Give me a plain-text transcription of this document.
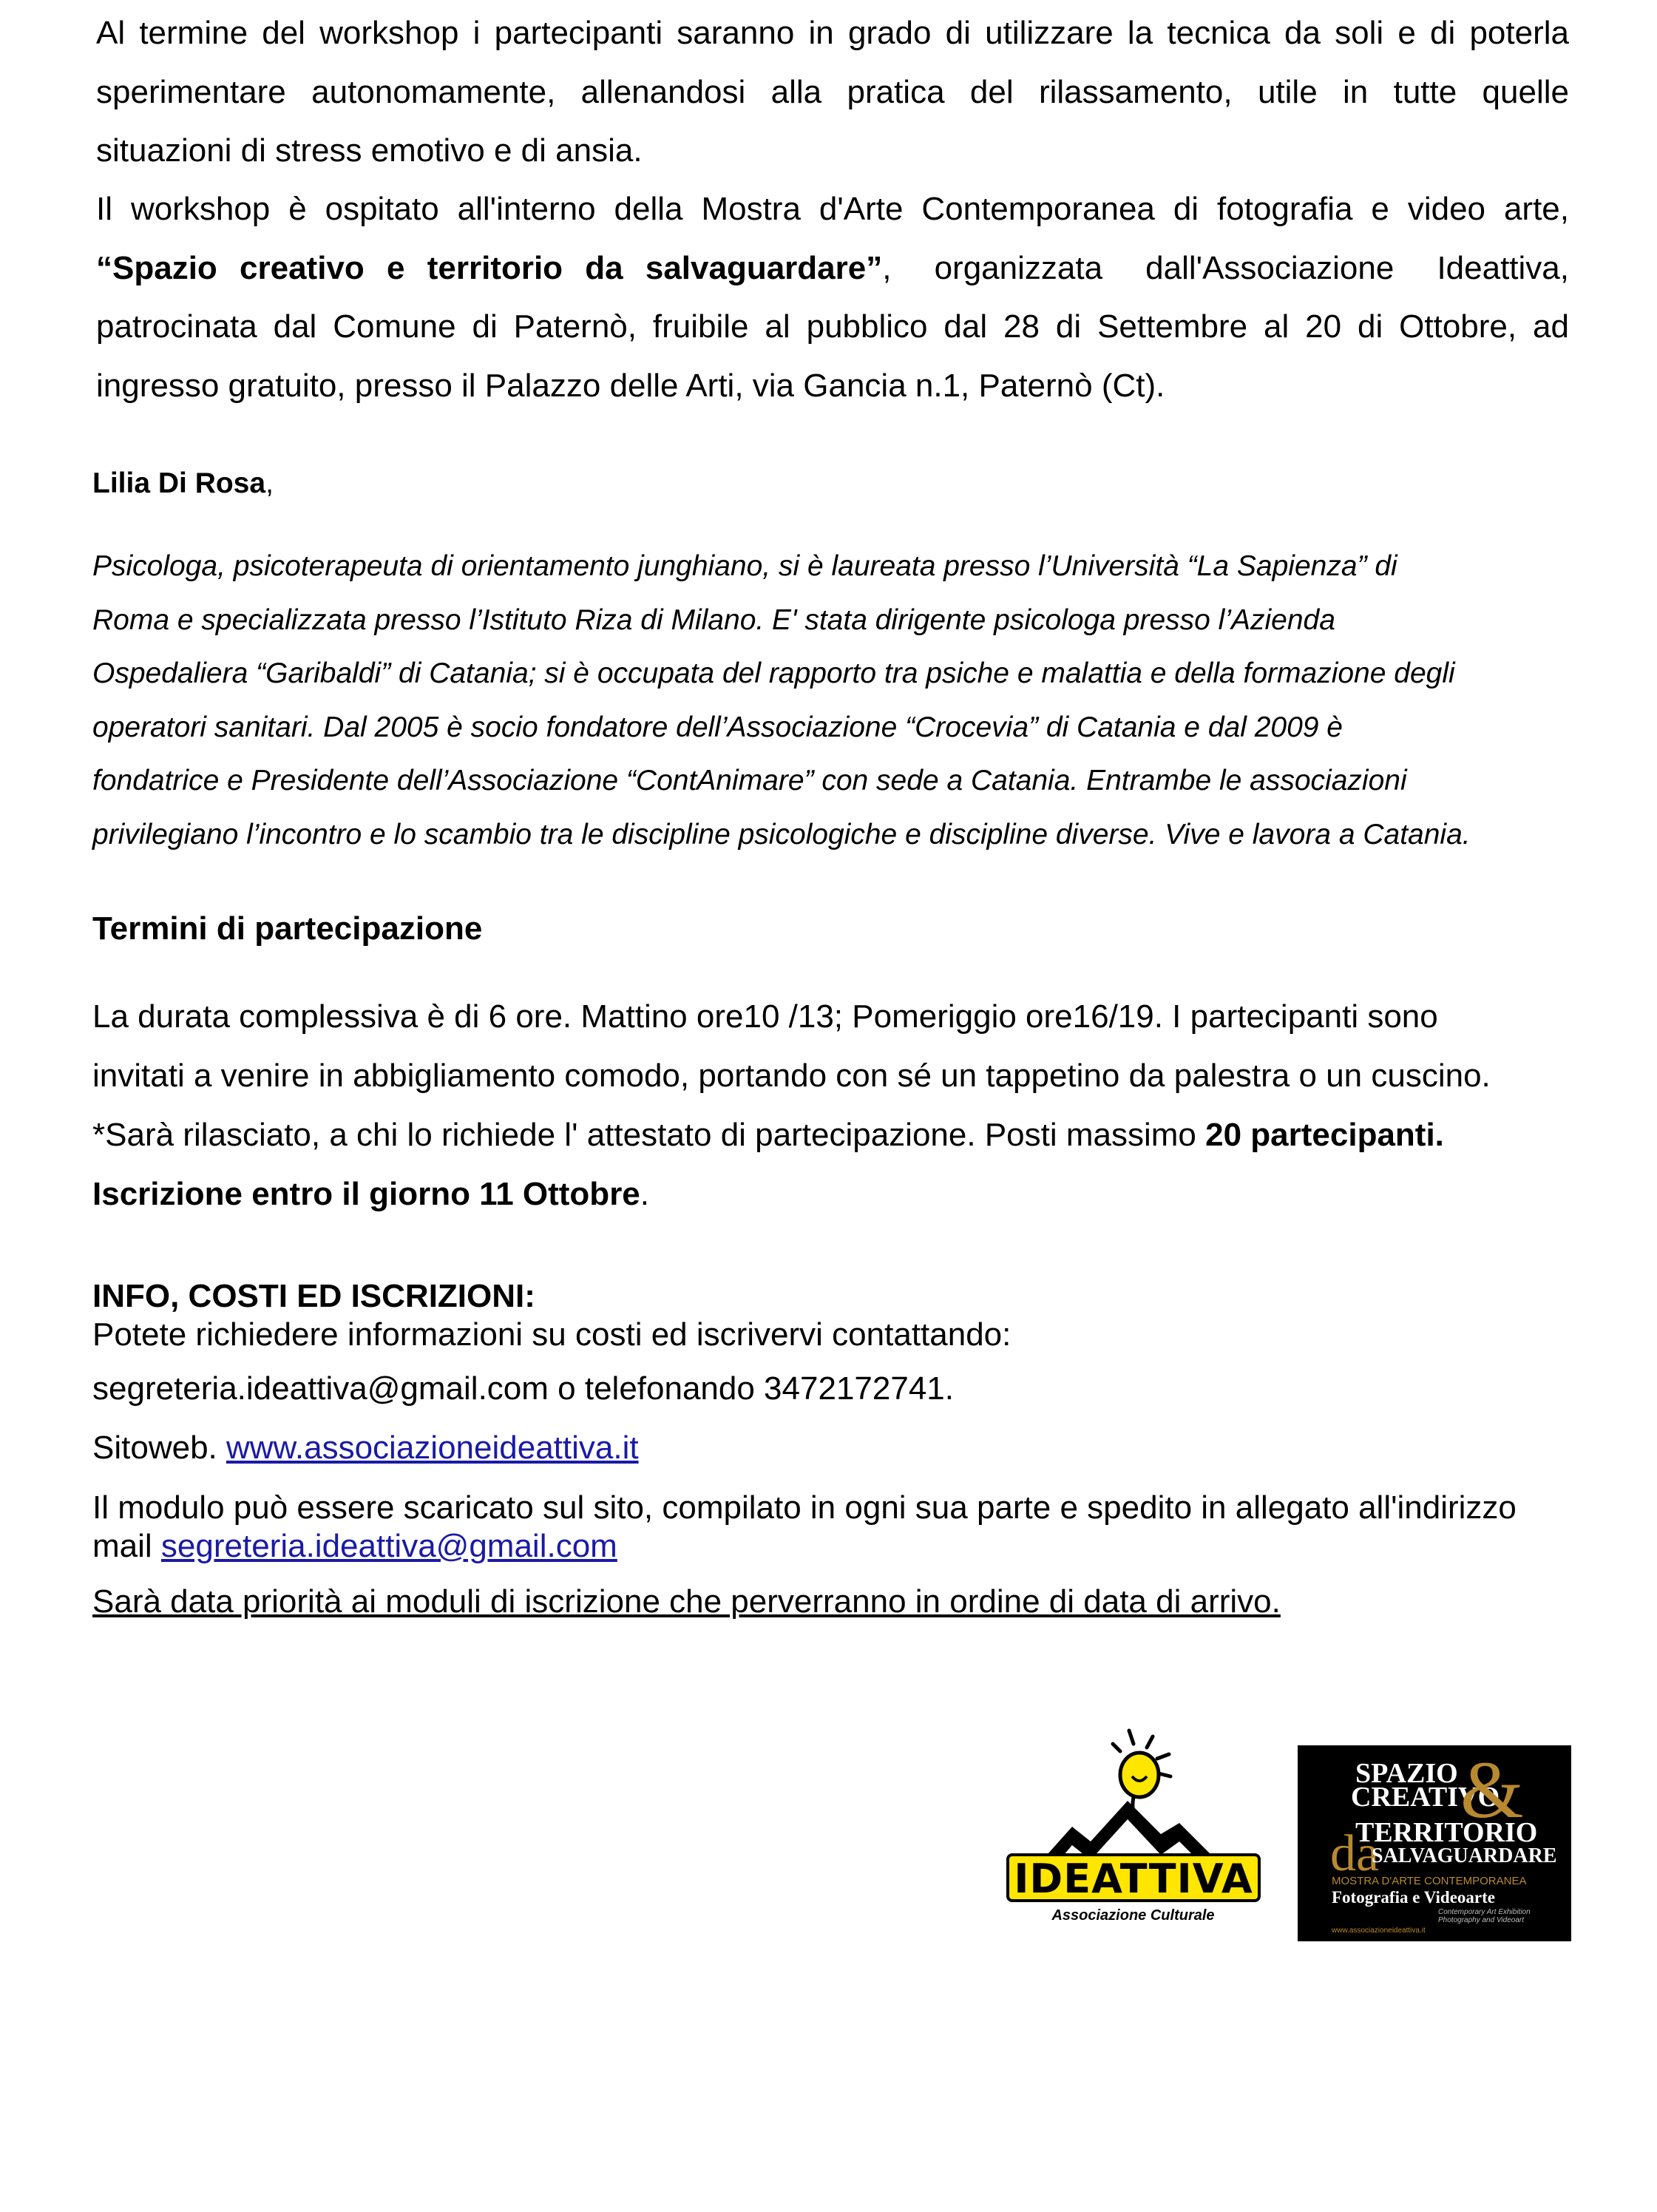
Al termine del workshop i partecipanti saranno in grado di utilizzare la tecnica da soli e di poterla
sperimentare autonomamente, allenandosi alla pratica del rilassamento, utile in tutte quelle
situazioni di stress emotivo e di ansia.
Il workshop è ospitato all'interno della Mostra d'Arte Contemporanea di fotografia e video arte,
“Spazio creativo e territorio da salvaguardare” , organizzata dall'Associazione Ideattiva,
patrocinata dal Comune di Paternò, fruibile al pubblico dal 28 di Settembre al 20 di Ottobre, ad
ingresso gratuito, presso il Palazzo delle Arti, via Gancia n.1, Paternò (Ct).
Lilia Di Rosa,
Psicologa, psicoterapeuta di orientamento junghiano, si è laureata presso l’Università “La Sapienza” di
Roma e specializzata presso l’Istituto Riza di Milano. E' stata dirigente psicologa presso l’Azienda
Ospedaliera “Garibaldi” di Catania; si è occupata del rapporto tra psiche e malattia e della formazione degli
operatori sanitari. Dal 2005 è socio fondatore dell’Associazione “Crocevia” di Catania e dal 2009 è
fondatrice e Presidente dell’Associazione “ContAnimare” con sede a Catania. Entrambe le associazioni
privilegiano l’incontro e lo scambio tra le discipline psicologiche e discipline diverse. Vive e lavora a Catania.
Termini di partecipazione
La durata complessiva è di 6 ore. Mattino ore10 /13; Pomeriggio ore16/19. I partecipanti sono
invitati a venire in abbigliamento comodo, portando con sé un tappetino da palestra o un cuscino.
*Sarà rilasciato, a chi lo richiede l' attestato di partecipazione. Posti massimo 20 partecipanti.
Iscrizione entro il giorno 11 Ottobre.
INFO, COSTI ED ISCRIZIONI:
Potete richiedere informazioni su costi ed iscrivervi contattando:
segreteria.ideattiva@gmail.com o telefonando 3472172741.
Sitoweb. www.associazioneideattiva.it
Il modulo può essere scaricato sul sito, compilato in ogni sua parte e spedito in allegato all'indirizzo
mail segreteria.ideattiva@gmail.com
Sarà data priorità ai moduli di iscrizione che perverranno in ordine di data di arrivo.
IDEATTIVA
Associazione Culturale
SPAZIO
CREATIVO
&
TERRITORIO
da
SALVAGUARDARE
MOSTRA D'ARTE CONTEMPORANEA
Fotografia e Videoarte
Contemporary Art Exhibition
Photography and Videoart
www.associazioneideattiva.it
